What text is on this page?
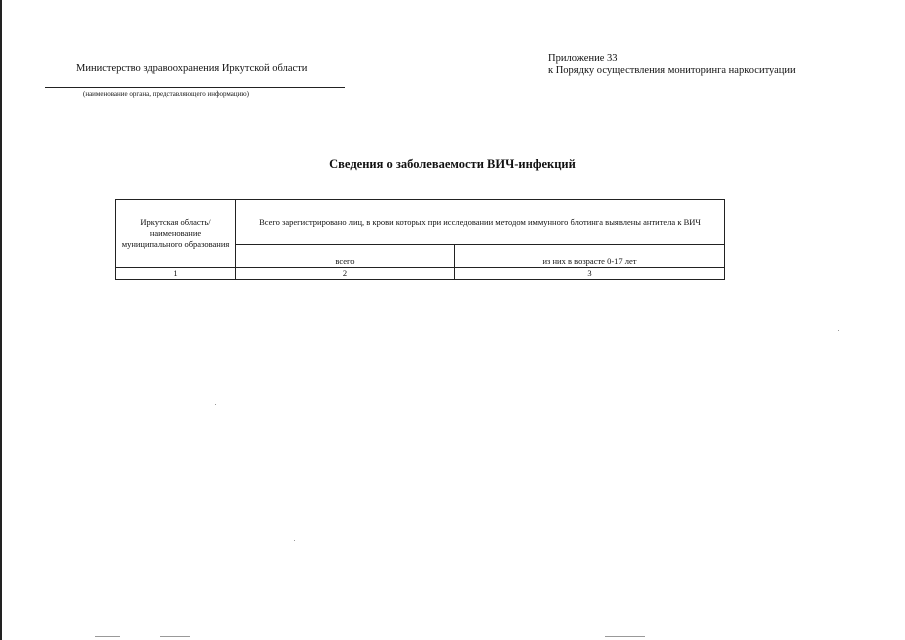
Министерство здравоохранения Иркутской области
(наименование органа, представляющего информацию)
Приложение 33
к Порядку осуществления мониторинга наркоситуации
Сведения о заболеваемости ВИЧ-инфекций
Иркутская область/ наименование муниципального образования	Всего зарегистрировано лиц, в крови которых при исследовании методом иммунного блотинга выявлены антитела к ВИЧ	
	всего	из них в возрасте 0-17 лет
1	2	3
